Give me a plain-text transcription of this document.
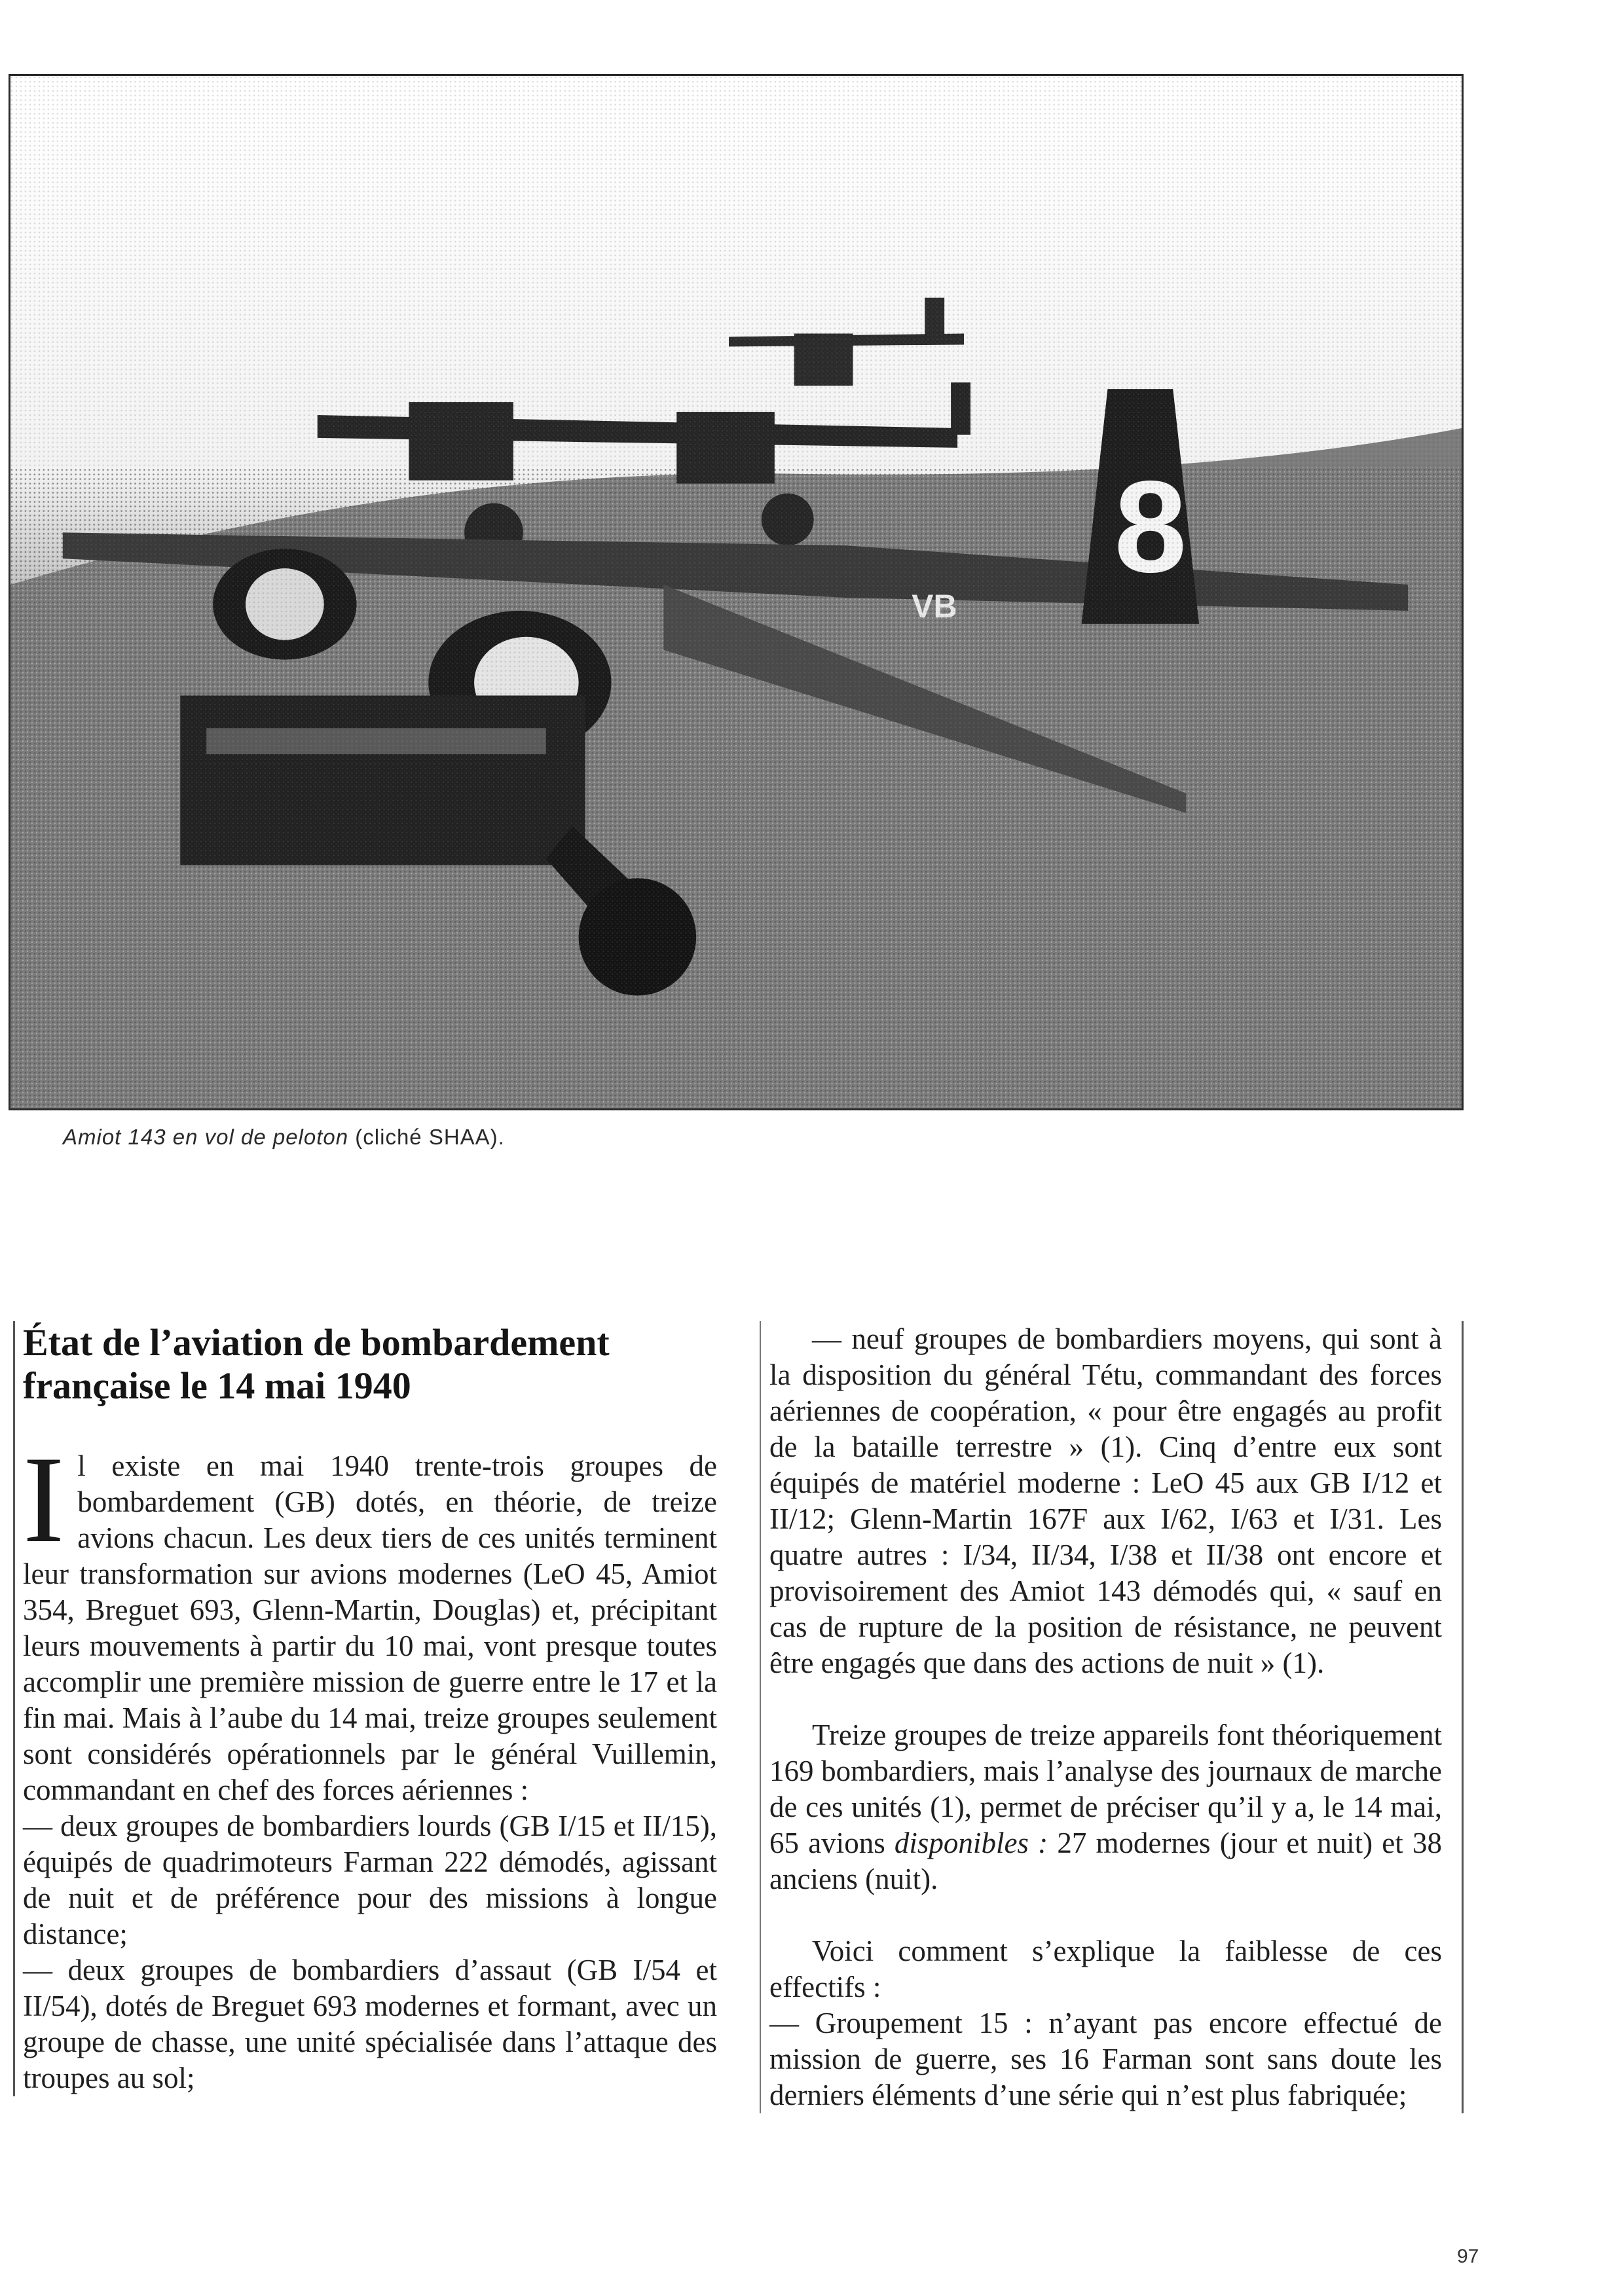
8
VB
Amiot 143 en vol de peloton (cliché SHAA).
État de l’aviation de bombardement française le 14 mai 1940

Il existe en mai 1940 trente-trois groupes de bombardement (GB) dotés, en théorie, de treize avions chacun. Les deux tiers de ces unités terminent leur transformation sur avions modernes (LeO 45, Amiot 354, Breguet 693, Glenn-Martin, Douglas) et, précipitant leurs mouvements à partir du 10 mai, vont presque toutes accomplir une première mission de guerre entre le 17 et la fin mai. Mais à l’aube du 14 mai, treize groupes seulement sont considérés opérationnels par le général Vuillemin, commandant en chef des forces aériennes :

— deux groupes de bombardiers lourds (GB I/15 et II/15), équipés de quadrimoteurs Farman 222 démodés, agissant de nuit et de préférence pour des missions à longue distance;

— deux groupes de bombardiers d’assaut (GB I/54 et II/54), dotés de Breguet 693 modernes et formant, avec un groupe de chasse, une unité spécialisée dans l’attaque des troupes au sol;

— neuf groupes de bombardiers moyens, qui sont à la disposition du général Tétu, commandant des forces aériennes de coopération, « pour être engagés au profit de la bataille terrestre » (1). Cinq d’entre eux sont équipés de matériel moderne : LeO 45 aux GB I/12 et II/12; Glenn-Martin 167F aux I/62, I/63 et I/31. Les quatre autres : I/34, II/34, I/38 et II/38 ont encore et provisoirement des Amiot 143 démodés qui, « sauf en cas de rupture de la position de résistance, ne peuvent être engagés que dans des actions de nuit » (1).

Treize groupes de treize appareils font théoriquement 169 bombardiers, mais l’analyse des journaux de marche de ces unités (1), permet de préciser qu’il y a, le 14 mai, 65 avions disponibles : 27 modernes (jour et nuit) et 38 anciens (nuit).

Voici comment s’explique la faiblesse de ces effectifs :

— Groupement 15 : n’ayant pas encore effectué de mission de guerre, ses 16 Farman sont sans doute les derniers éléments d’une série qui n’est plus fabriquée;

97
